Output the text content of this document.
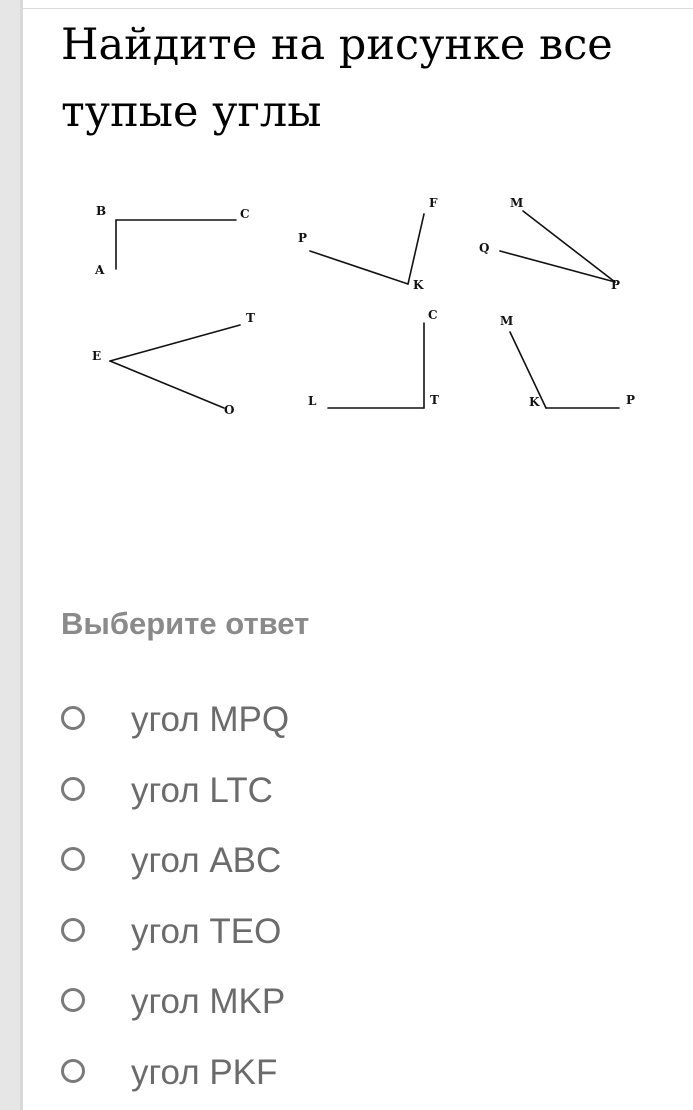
Найдите на рисунке все тупые углы
B	C
A
P
K
F	M
Q
P
T
E
O
L	T
C	M
K	P

Выберите ответ

угол MPQ
угол LTC
угол ABC
угол TEO
угол MKP
угол PKF
